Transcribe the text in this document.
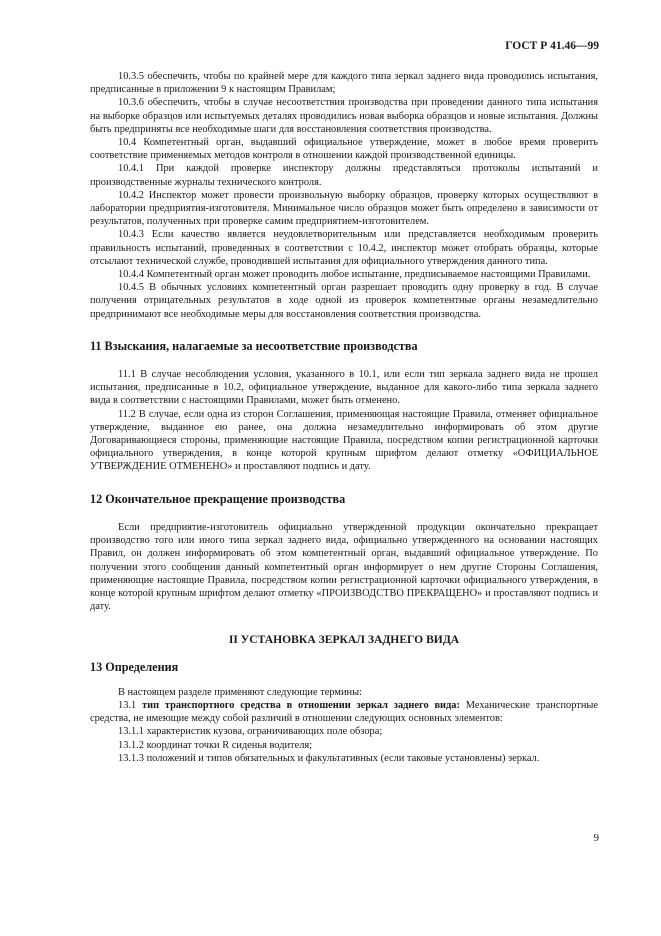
ГОСТ Р 41.46—99

10.3.5 обеспечить, чтобы по крайней мере для каждого типа зеркал заднего вида проводились испытания, предписанные в приложении 9 к настоящим Правилам;

10.3.6 обеспечить, чтобы в случае несоответствия производства при проведении данного типа испытания на выборке образцов или испытуемых деталях проводились новая выборка образцов и новые испытания. Должны быть предприняты все необходимые шаги для восстановления соответствия производства.

10.4 Компетентный орган, выдавший официальное утверждение, может в любое время проверить соответствие применяемых методов контроля в отношении каждой производственной единицы.

10.4.1 При каждой проверке инспектору должны представляться протоколы испытаний и производственные журналы технического контроля.

10.4.2 Инспектор может провести произвольную выборку образцов, проверку которых осуществляют в лаборатории предприятия-изготовителя. Минимальное число образцов может быть определено в зависимости от результатов, полученных при проверке самим предприятием-изготовителем.

10.4.3 Если качество является неудовлетворительным или представляется необходимым проверить правильность испытаний, проведенных в соответствии с 10.4.2, инспектор может отобрать образцы, которые отсылают технической службе, проводившей испытания для официального утверждения данного типа.

10.4.4 Компетентный орган может проводить любое испытание, предписываемое настоящими Правилами.

10.4.5 В обычных условиях компетентный орган разрешает проводить одну проверку в год. В случае получения отрицательных результатов в ходе одной из проверок компетентные органы незамедлительно предпринимают все необходимые меры для восстановления соответствия производства.

11 Взыскания, налагаемые за несоответствие производства

11.1 В случае несоблюдения условия, указанного в 10.1, или если тип зеркала заднего вида не прошел испытания, предписанные в 10.2, официальное утверждение, выданное для какого-либо типа зеркала заднего вида в соответствии с настоящими Правилами, может быть отменено.

11.2 В случае, если одна из сторон Соглашения, применяющая настоящие Правила, отменяет официальное утверждение, выданное ею ранее, она должна незамедлительно информировать об этом другие Договаривающиеся стороны, применяющие настоящие Правила, посредством копии регистрационной карточки официального утверждения, в конце которой крупным шрифтом делают отметку «ОФИЦИАЛЬНОЕ УТВЕРЖДЕНИЕ ОТМЕНЕНО» и проставляют подпись и дату.

12 Окончательное прекращение производства

Если предприятие-изготовитель официально утвержденной продукции окончательно прекращает производство того или иного типа зеркал заднего вида, официально утвержденного на основании настоящих Правил, он должен информировать об этом компетентный орган, выдавший официальное утверждение. По получении этого сообщения данный компетентный орган информирует о нем другие Стороны Соглашения, применяющие настоящие Правила, посредством копии регистрационной карточки официального утверждения, в конце которой крупным шрифтом делают отметку «ПРОИЗВОДСТВО ПРЕКРАЩЕНО» и проставляют подпись и дату.

II УСТАНОВКА ЗЕРКАЛ ЗАДНЕГО ВИДА
13 Определения

В настоящем разделе применяют следующие термины:

13.1 тип транспортного средства в отношении зеркал заднего вида: Механические транспортные средства, не имеющие между собой различий в отношении следующих основных элементов:

13.1.1 характеристик кузова, ограничивающих поле обзора;

13.1.2 координат точки R сиденья водителя;

13.1.3 положений и типов обязательных и факультативных (если таковые установлены) зеркал.

9
